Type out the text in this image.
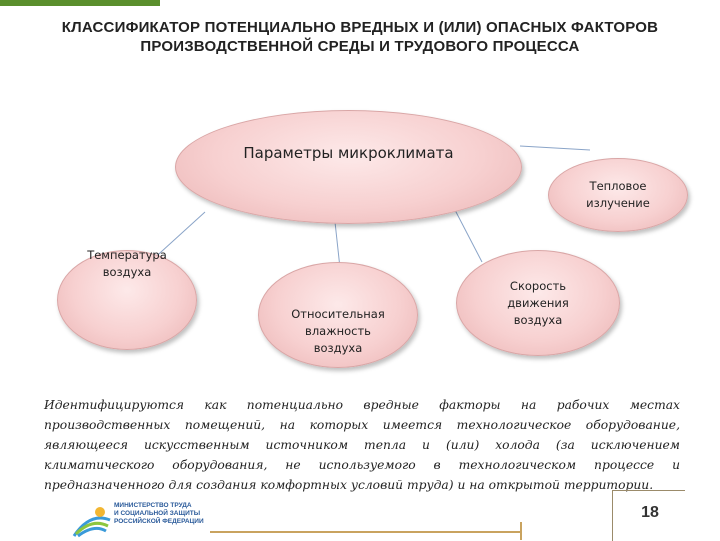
КЛАССИФИКАТОР ПОТЕНЦИАЛЬНО ВРЕДНЫХ И (ИЛИ) ОПАСНЫХ ФАКТОРОВ
ПРОИЗВОДСТВЕННОЙ СРЕДЫ И ТРУДОВОГО ПРОЦЕССА
Параметры микроклимата
Тепловое
излучение
Температура
воздуха
Относительная
влажность
воздуха
Скорость
движения
воздуха
Идентифицируются как потенциально вредные факторы на рабочих местах производственных помещений, на которых имеется технологическое оборудование, являющееся искусственным источником тепла и (или) холода (за исключением климатического оборудования, не используемого в технологическом процессе и предназначенного для создания комфортных условий труда) и на открытой территории.
МИНИСТЕРСТВО ТРУДА
И СОЦИАЛЬНОЙ ЗАЩИТЫ
РОССИЙСКОЙ ФЕДЕРАЦИИ
18
